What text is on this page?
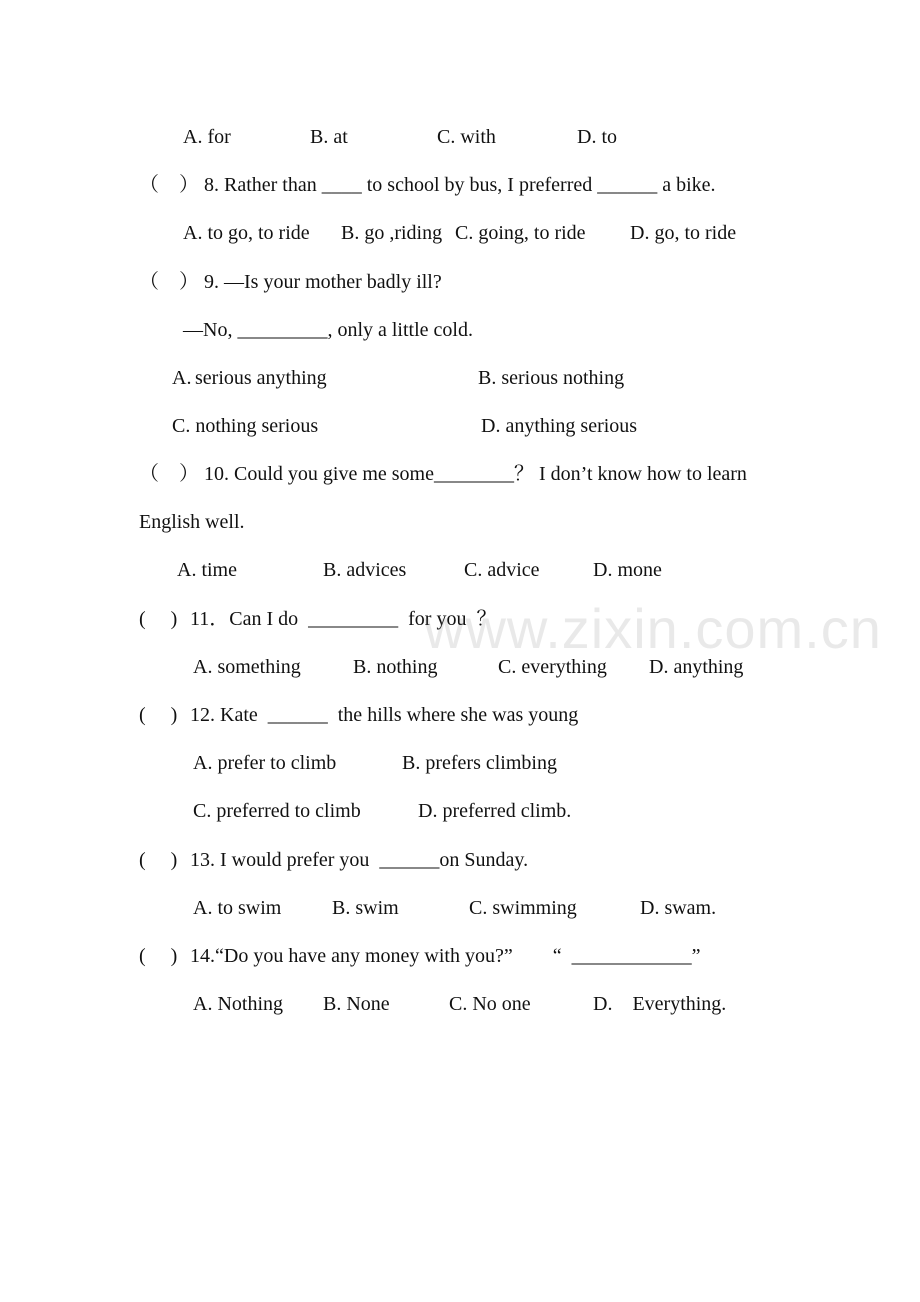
A. for	B. at	C. with	D. to
（　） 8. Rather than ____ to school by bus, I preferred ______ a bike.
A. to go, to ride B. go ,riding C. going, to ride D. go, to ride
（　） 9. —Is your mother badly ill?
—No, _________, only a little cold.
A. serious anything	B. serious nothing
C. nothing serious	D. anything serious
（　） 10. Could you give me some________？ I don’t know how to learn
English well.
A. time	B. advices	C. advice	D. mone
(　 ) 11．Can I do  _________  for you  ？
A. something	B. nothing	C. everything D. anything
(　 ) 12. Kate  ______  the hills where she was young
A. prefer to climb	B. prefers climbing
C. preferred to climb	D. preferred climb.
(　 ) 13. I would prefer you  ______on Sunday.
A. to swim	B. swim	C. swimming	D. swam.
(　 ) 14.“Do you have any money with you?”        “  ____________”
A. Nothing B. None	C. No one	D.    Everything.
www.zixin.com.cn
